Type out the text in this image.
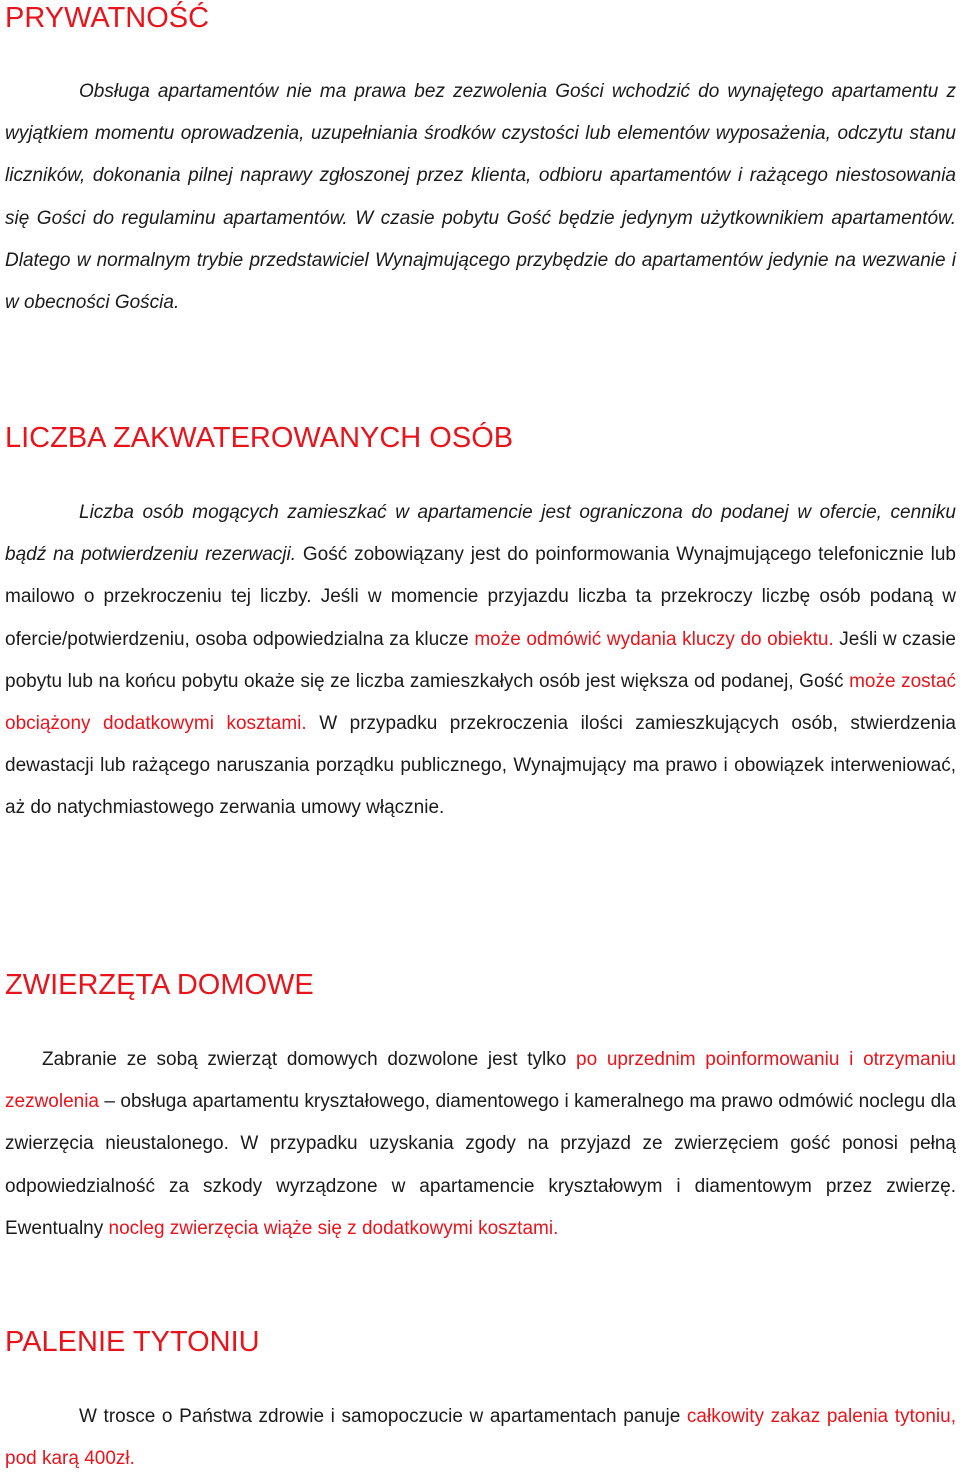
PRYWATNOŚĆ

Obsługa apartamentów nie ma prawa bez zezwolenia Gości wchodzić do wynajętego apartamentu z wyjątkiem momentu oprowadzenia, uzupełniania środków czystości lub elementów wyposażenia, odczytu stanu liczników, dokonania pilnej naprawy zgłoszonej przez klienta, odbioru apartamentów i rażącego niestosowania się Gości do regulaminu apartamentów. W czasie pobytu Gość będzie jedynym użytkownikiem apartamentów. Dlatego w normalnym trybie przedstawiciel Wynajmującego przybędzie do apartamentów jedynie na wezwanie i w obecności Gościa.

LICZBA ZAKWATEROWANYCH OSÓB

Liczba osób mogących zamieszkać w apartamencie jest ograniczona do podanej w ofercie, cenniku bądź na potwierdzeniu rezerwacji. Gość zobowiązany jest do poinformowania Wynajmującego telefonicznie lub mailowo o przekroczeniu tej liczby. Jeśli w momencie przyjazdu liczba ta przekroczy liczbę osób podaną w ofercie/potwierdzeniu, osoba odpowiedzialna za klucze może odmówić wydania kluczy do obiektu. Jeśli w czasie pobytu lub na końcu pobytu okaże się ze liczba zamieszkałych osób jest większa od podanej, Gość może zostać obciążony dodatkowymi kosztami. W przypadku przekroczenia ilości zamieszkujących osób, stwierdzenia dewastacji lub rażącego naruszania porządku publicznego, Wynajmujący ma prawo i obowiązek interweniować, aż do natychmiastowego zerwania umowy włącznie.

ZWIERZĘTA DOMOWE

Zabranie ze sobą zwierząt domowych dozwolone jest tylko po uprzednim poinformowaniu i otrzymaniu zezwolenia – obsługa apartamentu kryształowego, diamentowego i kameralnego ma prawo odmówić noclegu dla zwierzęcia nieustalonego. W przypadku uzyskania zgody na przyjazd ze zwierzęciem gość ponosi pełną odpowiedzialność za szkody wyrządzone w apartamencie kryształowym i diamentowym przez zwierzę. Ewentualny nocleg zwierzęcia wiąże się z dodatkowymi kosztami.

PALENIE TYTONIU

W trosce o Państwa zdrowie i samopoczucie w apartamentach panuje całkowity zakaz palenia tytoniu, pod karą 400zł.
